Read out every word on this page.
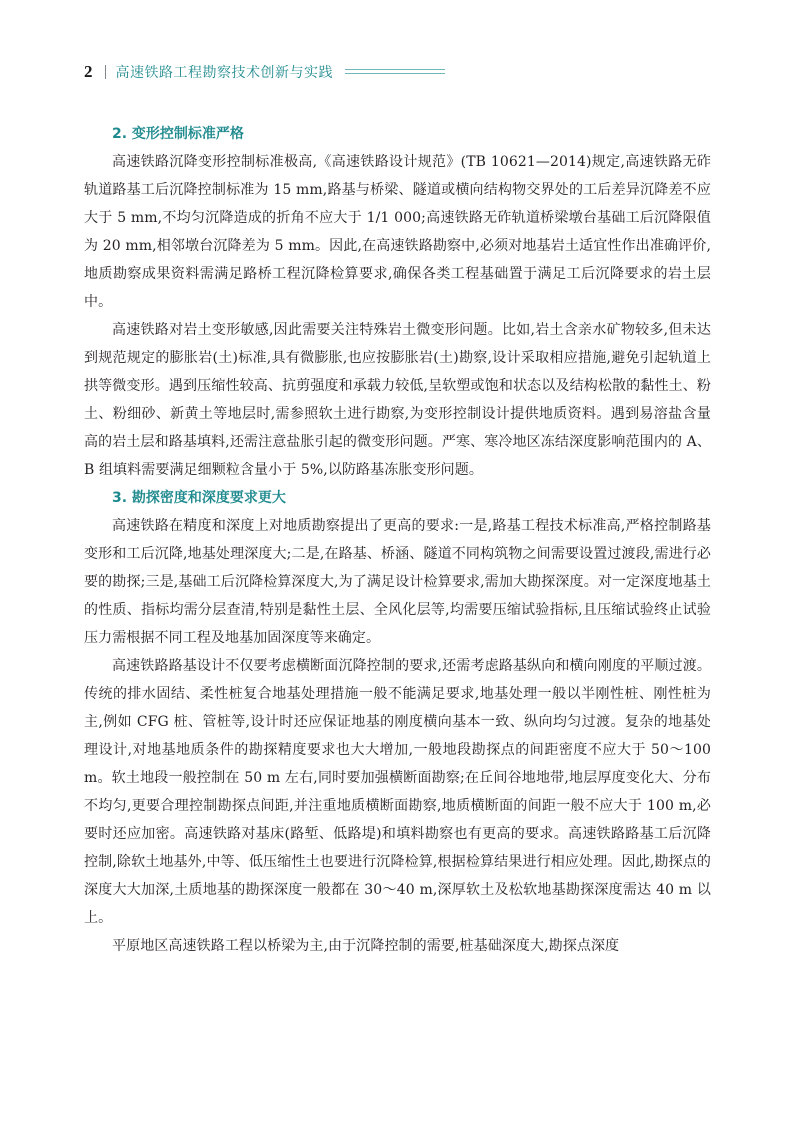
2 高速铁路工程勘察技术创新与实践
2. 变形控制标准严格

高速铁路沉降变形控制标准极高,《高速铁路设计规范》(TB 10621—2014)规定,高速铁路无砟轨道路基工后沉降控制标准为 15 mm,路基与桥梁、隧道或横向结构物交界处的工后差异沉降差不应大于 5 mm,不均匀沉降造成的折角不应大于 1/1 000;高速铁路无砟轨道桥梁墩台基础工后沉降限值为 20 mm,相邻墩台沉降差为 5 mm。因此,在高速铁路勘察中,必须对地基岩土适宜性作出准确评价,地质勘察成果资料需满足路桥工程沉降检算要求,确保各类工程基础置于满足工后沉降要求的岩土层中。

高速铁路对岩土变形敏感,因此需要关注特殊岩土微变形问题。比如,岩土含亲水矿物较多,但未达到规范规定的膨胀岩(土)标准,具有微膨胀,也应按膨胀岩(土)勘察,设计采取相应措施,避免引起轨道上拱等微变形。遇到压缩性较高、抗剪强度和承载力较低,呈软塑或饱和状态以及结构松散的黏性土、粉土、粉细砂、新黄土等地层时,需参照软土进行勘察,为变形控制设计提供地质资料。遇到易溶盐含量高的岩土层和路基填料,还需注意盐胀引起的微变形问题。严寒、寒冷地区冻结深度影响范围内的 A、B 组填料需要满足细颗粒含量小于 5%,以防路基冻胀变形问题。

3. 勘探密度和深度要求更大

高速铁路在精度和深度上对地质勘察提出了更高的要求:一是,路基工程技术标准高,严格控制路基变形和工后沉降,地基处理深度大;二是,在路基、桥涵、隧道不同构筑物之间需要设置过渡段,需进行必要的勘探;三是,基础工后沉降检算深度大,为了满足设计检算要求,需加大勘探深度。对一定深度地基土的性质、指标均需分层查清,特别是黏性土层、全风化层等,均需要压缩试验指标,且压缩试验终止试验压力需根据不同工程及地基加固深度等来确定。

高速铁路路基设计不仅要考虑横断面沉降控制的要求,还需考虑路基纵向和横向刚度的平顺过渡。传统的排水固结、柔性桩复合地基处理措施一般不能满足要求,地基处理一般以半刚性桩、刚性桩为主,例如 CFG 桩、管桩等,设计时还应保证地基的刚度横向基本一致、纵向均匀过渡。复杂的地基处理设计,对地基地质条件的勘探精度要求也大大增加,一般地段勘探点的间距密度不应大于 50～100 m。软土地段一般控制在 50 m 左右,同时要加强横断面勘察;在丘间谷地地带,地层厚度变化大、分布不均匀,更要合理控制勘探点间距,并注重地质横断面勘察,地质横断面的间距一般不应大于 100 m,必要时还应加密。高速铁路对基床(路堑、低路堤)和填料勘察也有更高的要求。高速铁路路基工后沉降控制,除软土地基外,中等、低压缩性土也要进行沉降检算,根据检算结果进行相应处理。因此,勘探点的深度大大加深,土质地基的勘探深度一般都在 30～40 m,深厚软土及松软地基勘探深度需达 40 m 以上。

平原地区高速铁路工程以桥梁为主,由于沉降控制的需要,桩基础深度大,勘探点深度
